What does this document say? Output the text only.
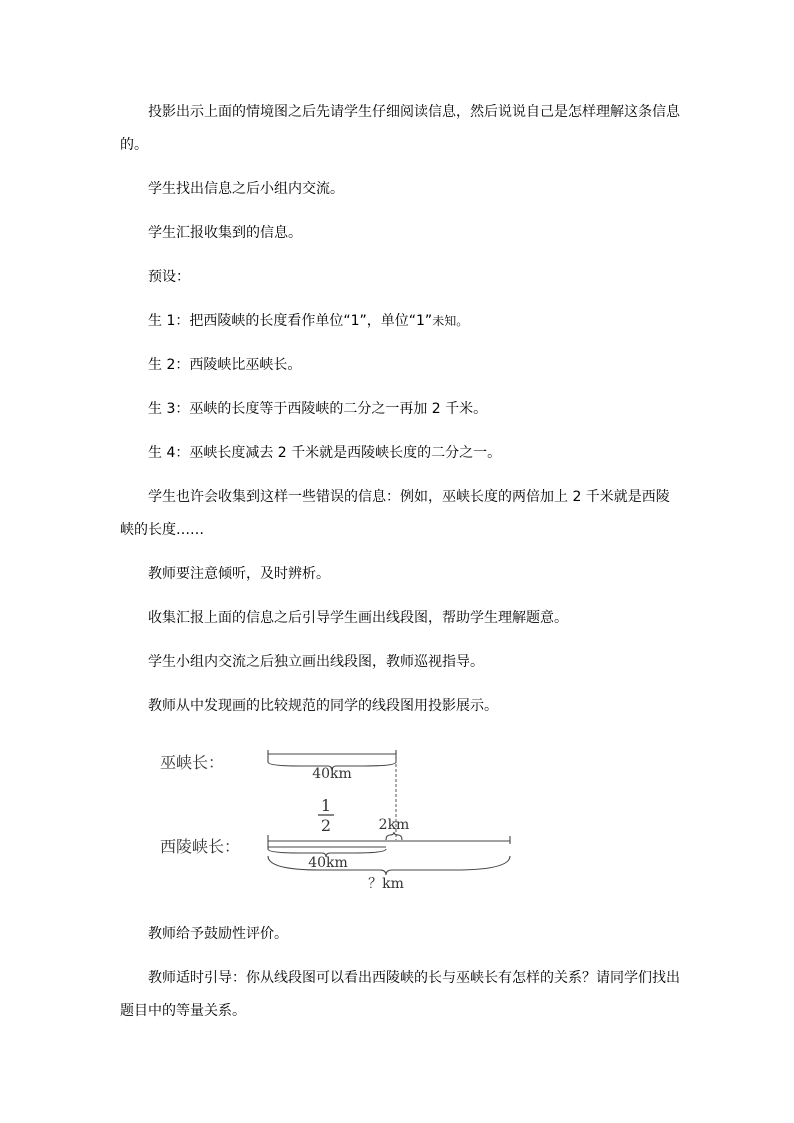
投影出示上面的情境图之后先请学生仔细阅读信息，然后说说自己是怎样理解这条信息的。

学生找出信息之后小组内交流。

学生汇报收集到的信息。

预设：

生 1：把西陵峡的长度看作单位“1”，单位“1”未知。

生 2：西陵峡比巫峡长。

生 3：巫峡的长度等于西陵峡的二分之一再加 2 千米。

生 4：巫峡长度减去 2 千米就是西陵峡长度的二分之一。

学生也许会收集到这样一些错误的信息：例如，巫峡长度的两倍加上 2 千米就是西陵峡的长度……

教师要注意倾听，及时辨析。

收集汇报上面的信息之后引导学生画出线段图，帮助学生理解题意。

学生小组内交流之后独立画出线段图，教师巡视指导。

教师从中发现画的比较规范的同学的线段图用投影展示。

巫峡长：
40km
1
2	2km
西陵峡长：
40km
？km

教师给予鼓励性评价。

教师适时引导：你从线段图可以看出西陵峡的长与巫峡长有怎样的关系？请同学们找出题目中的等量关系。
